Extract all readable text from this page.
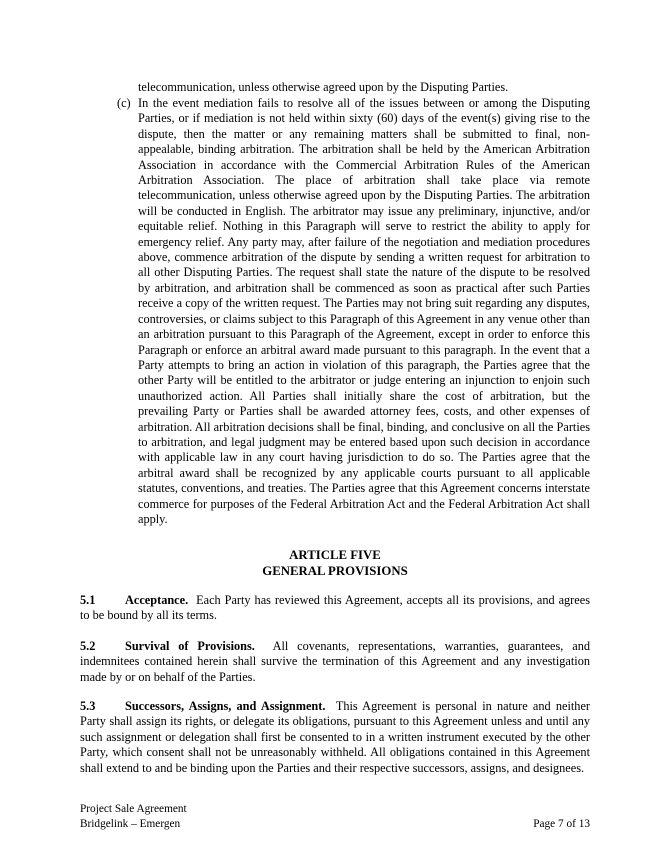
telecommunication, unless otherwise agreed upon by the Disputing Parties.
(c) In the event mediation fails to resolve all of the issues between or among the Disputing Parties, or if mediation is not held within sixty (60) days of the event(s) giving rise to the dispute, then the matter or any remaining matters shall be submitted to final, non-appealable, binding arbitration. The arbitration shall be held by the American Arbitration Association in accordance with the Commercial Arbitration Rules of the American Arbitration Association. The place of arbitration shall take place via remote telecommunication, unless otherwise agreed upon by the Disputing Parties. The arbitration will be conducted in English. The arbitrator may issue any preliminary, injunctive, and/or equitable relief. Nothing in this Paragraph will serve to restrict the ability to apply for emergency relief. Any party may, after failure of the negotiation and mediation procedures above, commence arbitration of the dispute by sending a written request for arbitration to all other Disputing Parties. The request shall state the nature of the dispute to be resolved by arbitration, and arbitration shall be commenced as soon as practical after such Parties receive a copy of the written request. The Parties may not bring suit regarding any disputes, controversies, or claims subject to this Paragraph of this Agreement in any venue other than an arbitration pursuant to this Paragraph of the Agreement, except in order to enforce this Paragraph or enforce an arbitral award made pursuant to this paragraph. In the event that a Party attempts to bring an action in violation of this paragraph, the Parties agree that the other Party will be entitled to the arbitrator or judge entering an injunction to enjoin such unauthorized action. All Parties shall initially share the cost of arbitration, but the prevailing Party or Parties shall be awarded attorney fees, costs, and other expenses of arbitration. All arbitration decisions shall be final, binding, and conclusive on all the Parties to arbitration, and legal judgment may be entered based upon such decision in accordance with applicable law in any court having jurisdiction to do so. The Parties agree that the arbitral award shall be recognized by any applicable courts pursuant to all applicable statutes, conventions, and treaties. The Parties agree that this Agreement concerns interstate commerce for purposes of the Federal Arbitration Act and the Federal Arbitration Act shall apply.
ARTICLE FIVE
GENERAL PROVISIONS
5.1 Acceptance. Each Party has reviewed this Agreement, accepts all its provisions, and agrees to be bound by all its terms.
5.2 Survival of Provisions. All covenants, representations, warranties, guarantees, and indemnitees contained herein shall survive the termination of this Agreement and any investigation made by or on behalf of the Parties.
5.3 Successors, Assigns, and Assignment. This Agreement is personal in nature and neither Party shall assign its rights, or delegate its obligations, pursuant to this Agreement unless and until any such assignment or delegation shall first be consented to in a written instrument executed by the other Party, which consent shall not be unreasonably withheld. All obligations contained in this Agreement shall extend to and be binding upon the Parties and their respective successors, assigns, and designees.
Project Sale Agreement
Bridgelink – Emergen	Page 7 of 13
